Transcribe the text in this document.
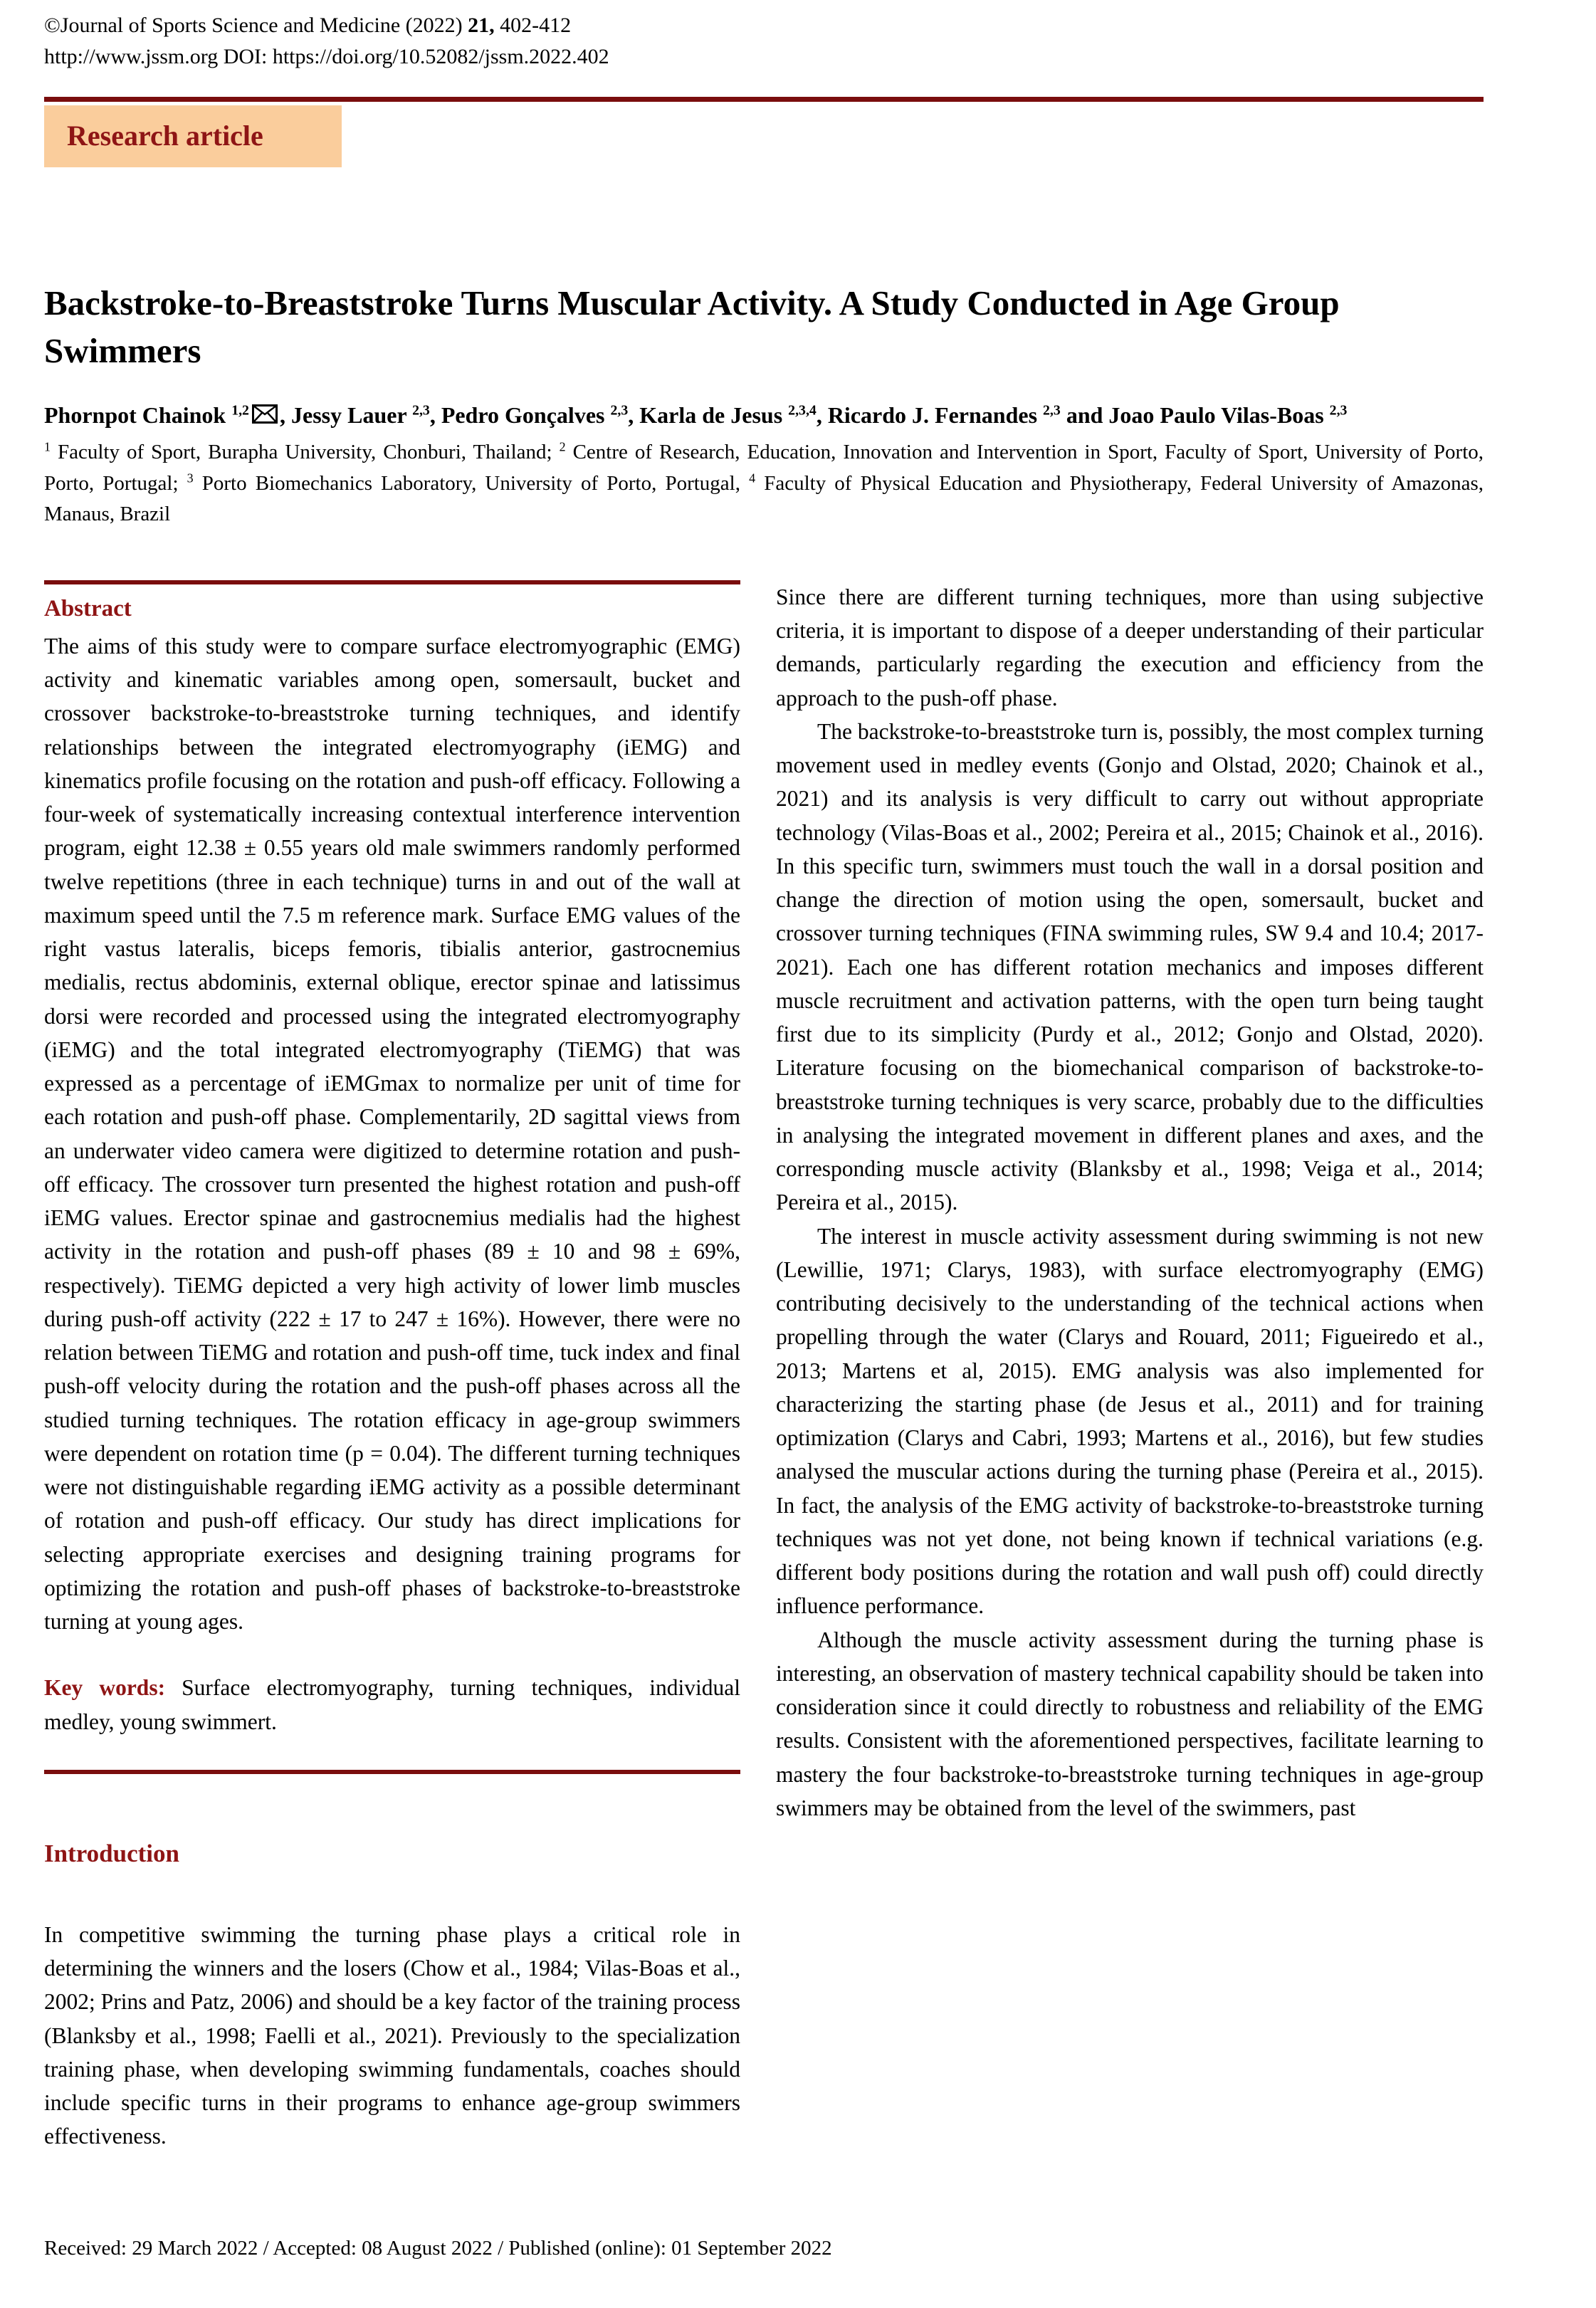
©Journal of Sports Science and Medicine (2022) 21, 402-412
http://www.jssm.org DOI: https://doi.org/10.52082/jssm.2022.402
Research article
Backstroke-to-Breaststroke Turns Muscular Activity. A Study Conducted in Age Group Swimmers
Phornpot Chainok $^{1,2}$ , Jessy Lauer $^{2,3}$, Pedro Gonçalves $^{2,3}$, Karla de Jesus $^{2,3,4}$, Ricardo J. Fernandes $^{2,3}$ and Joao Paulo Vilas-Boas $^{2,3}$
$^1$ Faculty of Sport, Burapha University, Chonburi, Thailand; $^2$ Centre of Research, Education, Innovation and Intervention in Sport, Faculty of Sport, University of Porto, Porto, Portugal; $^3$ Porto Biomechanics Laboratory, University of Porto, Portugal, $^4$ Faculty of Physical Education and Physiotherapy, Federal University of Amazonas, Manaus, Brazil
Abstract

The aims of this study were to compare surface electromyographic (EMG) activity and kinematic variables among open, somersault, bucket and crossover backstroke-to-breaststroke turning techniques, and identify relationships between the integrated electromyography (iEMG) and kinematics profile focusing on the rotation and push-off efficacy. Following a four-week of systematically increasing contextual interference intervention program, eight 12.38 ± 0.55 years old male swimmers randomly performed twelve repetitions (three in each technique) turns in and out of the wall at maximum speed until the 7.5 m reference mark. Surface EMG values of the right vastus lateralis, biceps femoris, tibialis anterior, gastrocnemius medialis, rectus abdominis, external oblique, erector spinae and latissimus dorsi were recorded and processed using the integrated electromyography (iEMG) and the total integrated electromyography (TiEMG) that was expressed as a percentage of iEMGmax to normalize per unit of time for each rotation and push-off phase. Complementarily, 2D sagittal views from an underwater video camera were digitized to determine rotation and push-off efficacy. The crossover turn presented the highest rotation and push-off iEMG values. Erector spinae and gastrocnemius medialis had the highest activity in the rotation and push-off phases (89 ± 10 and 98 ± 69%, respectively). TiEMG depicted a very high activity of lower limb muscles during push-off activity (222 ± 17 to 247 ± 16%). However, there were no relation between TiEMG and rotation and push-off time, tuck index and final push-off velocity during the rotation and the push-off phases across all the studied turning techniques. The rotation efficacy in age-group swimmers were dependent on rotation time (p = 0.04). The different turning techniques were not distinguishable regarding iEMG activity as a possible determinant of rotation and push-off efficacy. Our study has direct implications for selecting appropriate exercises and designing training programs for optimizing the rotation and push-off phases of backstroke-to-breaststroke turning at young ages.

Key words: Surface electromyography, turning techniques, individual medley, young swimmert.

Introduction

In competitive swimming the turning phase plays a critical role in determining the winners and the losers (Chow et al., 1984; Vilas-Boas et al., 2002; Prins and Patz, 2006) and should be a key factor of the training process (Blanksby et al., 1998; Faelli et al., 2021). Previously to the specialization training phase, when developing swimming fundamentals, coaches should include specific turns in their programs to enhance age-group swimmers effectiveness.

Since there are different turning techniques, more than using subjective criteria, it is important to dispose of a deeper understanding of their particular demands, particularly regarding the execution and efficiency from the approach to the push-off phase.

The backstroke-to-breaststroke turn is, possibly, the most complex turning movement used in medley events (Gonjo and Olstad, 2020; Chainok et al., 2021) and its analysis is very difficult to carry out without appropriate technology (Vilas-Boas et al., 2002; Pereira et al., 2015; Chainok et al., 2016). In this specific turn, swimmers must touch the wall in a dorsal position and change the direction of motion using the open, somersault, bucket and crossover turning techniques (FINA swimming rules, SW 9.4 and 10.4; 2017-2021). Each one has different rotation mechanics and imposes different muscle recruitment and activation patterns, with the open turn being taught first due to its simplicity (Purdy et al., 2012; Gonjo and Olstad, 2020). Literature focusing on the biomechanical comparison of backstroke-to-breaststroke turning techniques is very scarce, probably due to the difficulties in analysing the integrated movement in different planes and axes, and the corresponding muscle activity (Blanksby et al., 1998; Veiga et al., 2014; Pereira et al., 2015).

The interest in muscle activity assessment during swimming is not new (Lewillie, 1971; Clarys, 1983), with surface electromyography (EMG) contributing decisively to the understanding of the technical actions when propelling through the water (Clarys and Rouard, 2011; Figueiredo et al., 2013; Martens et al, 2015). EMG analysis was also implemented for characterizing the starting phase (de Jesus et al., 2011) and for training optimization (Clarys and Cabri, 1993; Martens et al., 2016), but few studies analysed the muscular actions during the turning phase (Pereira et al., 2015). In fact, the analysis of the EMG activity of backstroke-to-breaststroke turning techniques was not yet done, not being known if technical variations (e.g. different body positions during the rotation and wall push off) could directly influence performance.

Although the muscle activity assessment during the turning phase is interesting, an observation of mastery technical capability should be taken into consideration since it could directly to robustness and reliability of the EMG results. Consistent with the aforementioned perspectives, facilitate learning to mastery the four backstroke-to-breaststroke turning techniques in age-group swimmers may be obtained from the level of the swimmers, past

Received: 29 March 2022 / Accepted: 08 August 2022 / Published (online): 01 September 2022
